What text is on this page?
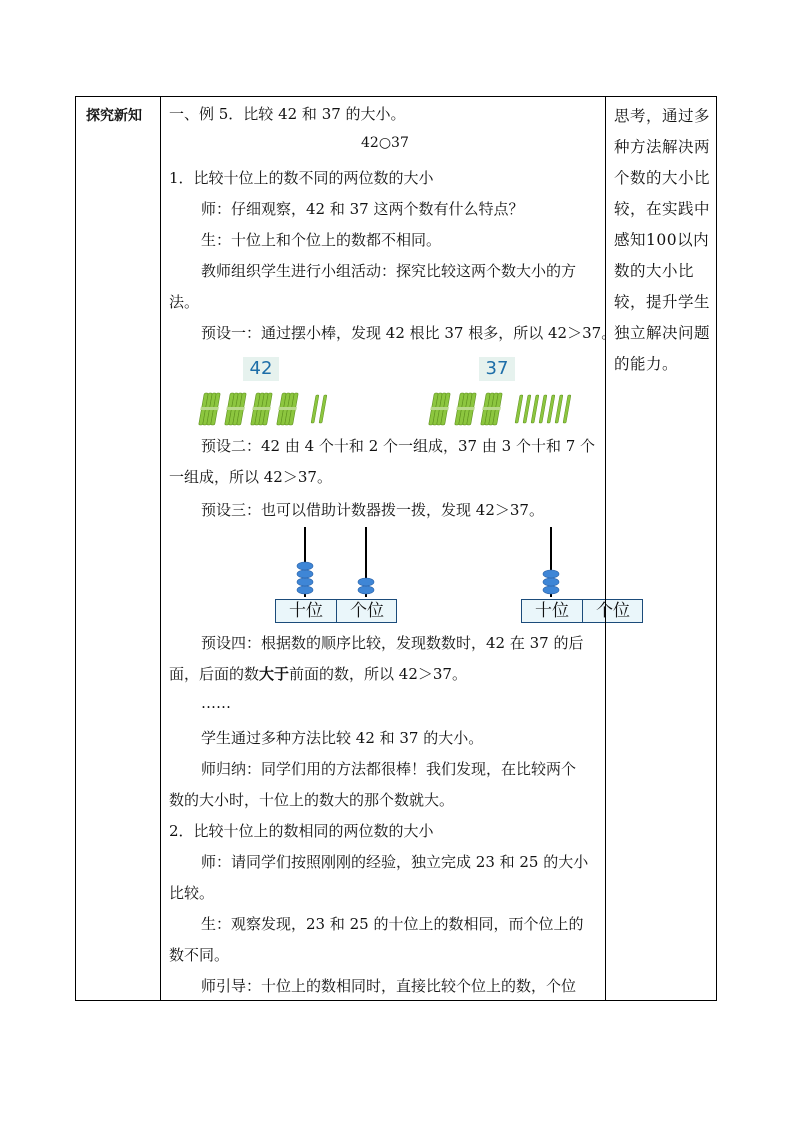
探究新知 一、例 5．比较 42 和 37 的大小。
42○37
1．比较十位上的数不同的两位数的大小
师：仔细观察，42 和 37 这两个数有什么特点？
生：十位上和个位上的数都不相同。
教师组织学生进行小组活动：探究比较这两个数大小的方
法。
预设一：通过摆小棒，发现 42 根比 37 根多，所以 42＞37。
42	37
预设二：42 由 4 个十和 2 个一组成，37 由 3 个十和 7 个
一组成，所以 42＞37。
预设三：也可以借助计数器拨一拨，发现 42＞37。
十位	个位	十位	个位
预设四：根据数的顺序比较，发现数数时，42 在 37 的后
面，后面的数大于前面的数，所以 42＞37。
……
学生通过多种方法比较 42 和 37 的大小。
师归纳：同学们用的方法都很棒！我们发现，在比较两个
数的大小时，十位上的数大的那个数就大。
2．比较十位上的数相同的两位数的大小
师：请同学们按照刚刚的经验，独立完成 23 和 25 的大小
比较。
生：观察发现，23 和 25 的十位上的数相同，而个位上的
数不同。
师引导：十位上的数相同时，直接比较个位上的数，个位
思考，通过多种方法解决两个数的大小比较，在实践中感知100以内数的大小比较，提升学生独立解决问题的能力。
